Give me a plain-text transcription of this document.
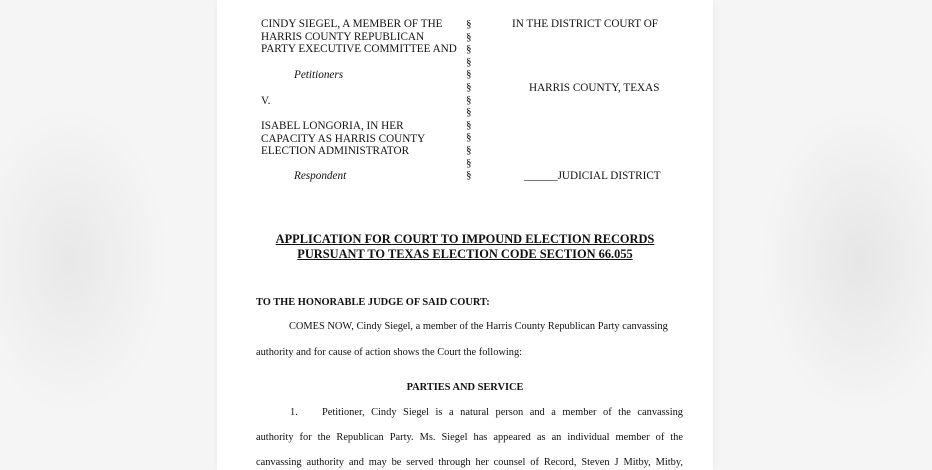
CINDY SIEGEL, A MEMBER OF THE
HARRIS COUNTY REPUBLICAN
PARTY EXECUTIVE COMMITTEE AND
Petitioners
V.
ISABEL LONGORIA, IN HER
CAPACITY AS HARRIS COUNTY
ELECTION ADMINISTRATOR
Respondent
§
§
§
§
§
§
§
§
§
§
§
§
§
IN THE DISTRICT COURT OF
HARRIS COUNTY, TEXAS
______JUDICIAL DISTRICT
APPLICATION FOR COURT TO IMPOUND ELECTION RECORDS
PURSUANT TO TEXAS ELECTION CODE SECTION 66.055
TO THE HONORABLE JUDGE OF SAID COURT:
COMES NOW, Cindy Siegel, a member of the Harris County Republican Party canvassing
authority and for cause of action shows the Court the following:
PARTIES AND SERVICE
1. Petitioner, Cindy Siegel is a natural person and a member of the canvassing
authority for the Republican Party. Ms. Siegel has appeared as an individual member of the
canvassing authority and may be served through her counsel of Record, Steven J Mitby, Mitby,
